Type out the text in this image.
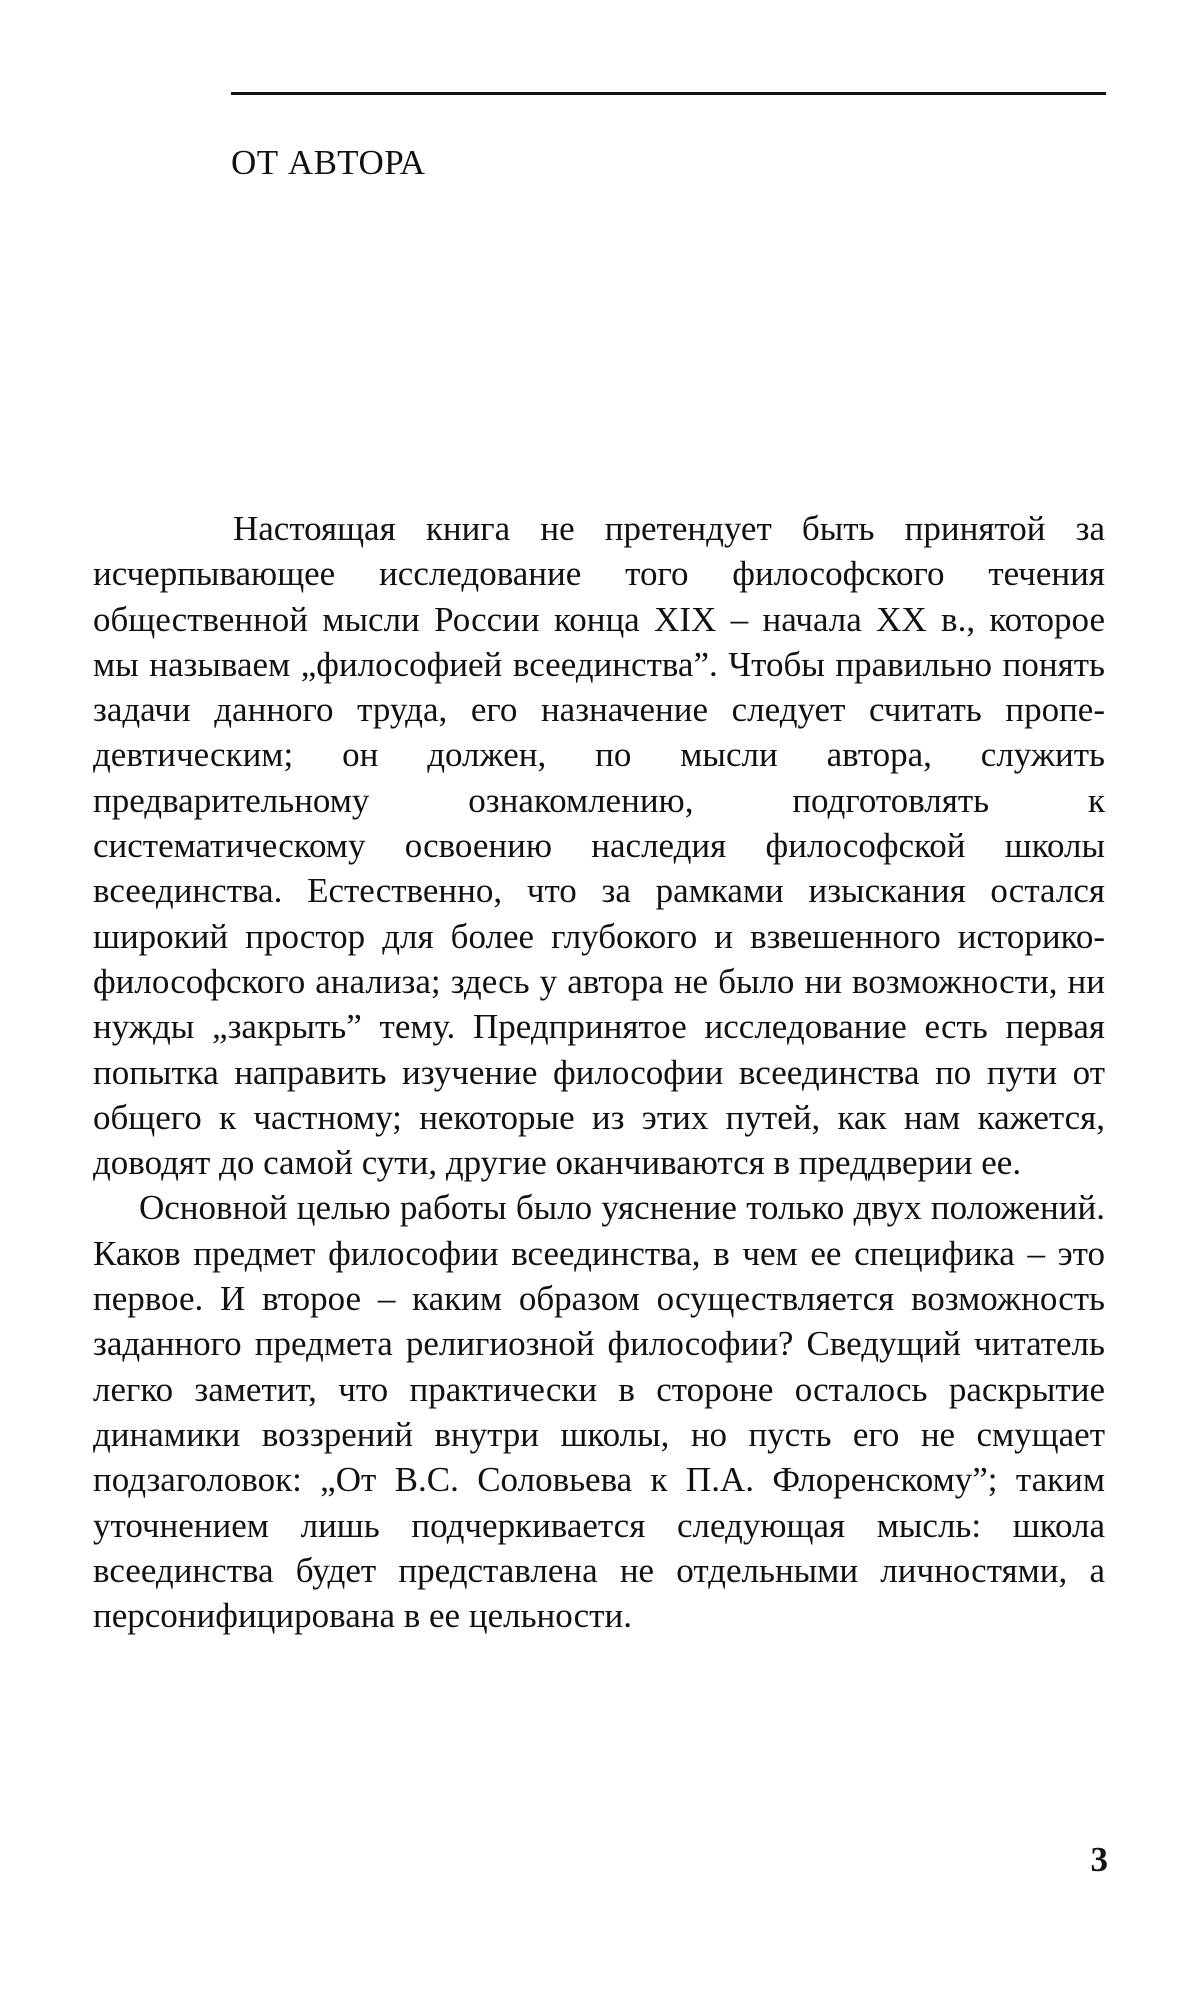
ОТ АВТОРА

Настоящая книга не претендует быть принятой за исчерпывающее исследование того философского течения общественной мысли России конца XIX – начала XX в., которое мы называем „философией всеединства”. Чтобы правильно понять задачи данного труда, его назначение следует считать пропедевтическим; он должен, по мысли автора, служить предварительному ознакомлению, подготовлять к систематическому освоению наследия философской школы всеединства. Естественно, что за рамками изыскания остался широкий простор для более глубокого и взвешенного историко-философского анализа; здесь у автора не было ни возможности, ни нужды „закрыть” тему. Предпринятое исследование есть первая попытка направить изучение философии всеединства по пути от общего к частному; некоторые из этих путей, как нам кажется, доводят до самой сути, другие оканчиваются в преддверии ее.

Основной целью работы было уяснение только двух положений. Каков предмет философии всеединства, в чем ее специфика – это первое. И второе – каким образом осуществляется возможность заданного предмета религиозной философии? Сведущий читатель легко заметит, что практически в стороне осталось раскрытие динамики воззрений внутри школы, но пусть его не смущает подзаголовок: „От В.С. Соловьева к П.А. Флоренскому”; таким уточнением лишь подчеркивается следующая мысль: школа всеединства будет представлена не отдельными личностями, а персонифицирована в ее цельности.

3
